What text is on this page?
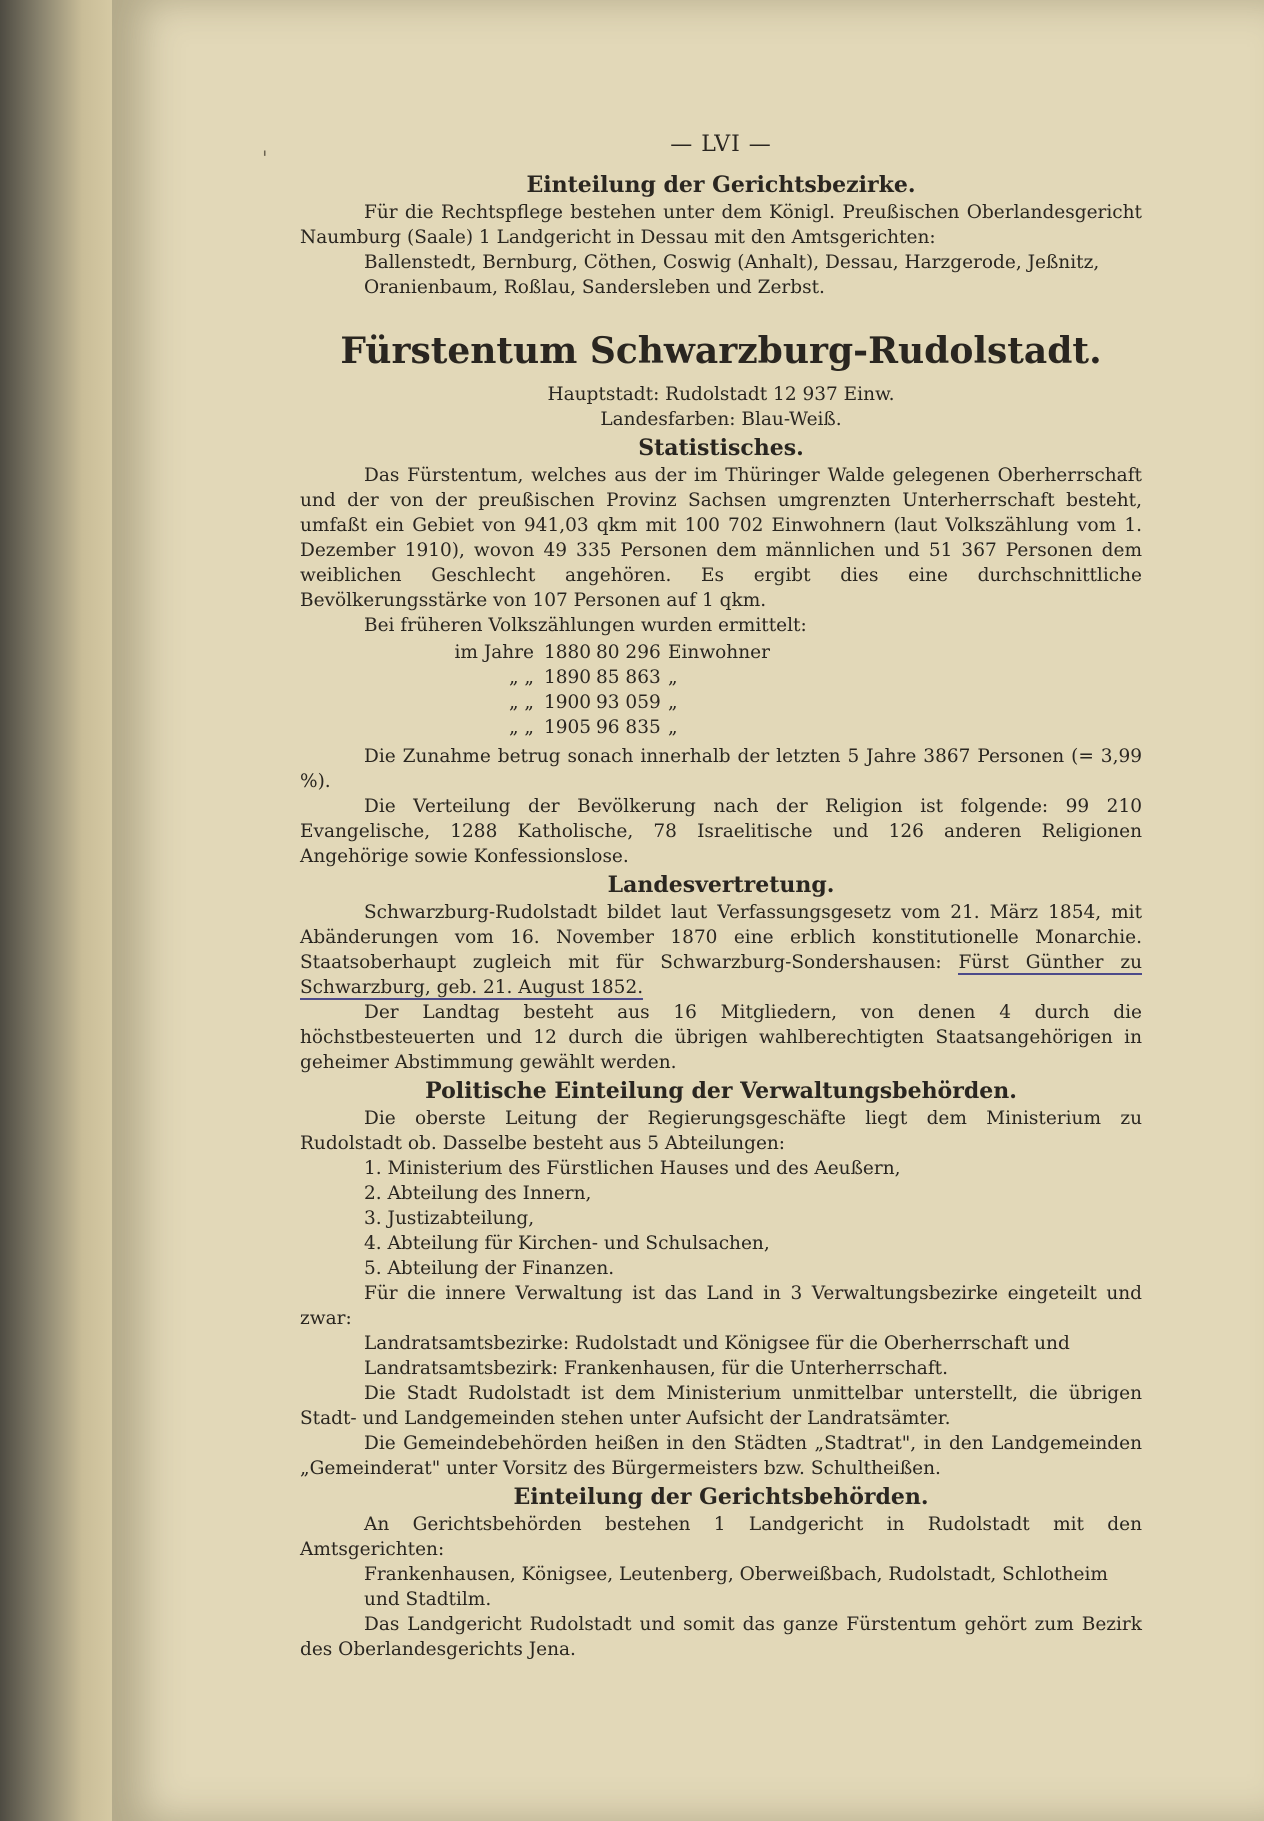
'
— LVI —
Einteilung der Gerichtsbezirke.

Für die Rechtspflege bestehen unter dem Königl. Preußischen Oberlandesgericht Naumburg (Saale) 1 Landgericht in Dessau mit den Amtsgerichten:

Ballenstedt, Bernburg, Cöthen, Coswig (Anhalt), Dessau, Harzgerode, Jeßnitz, Oranienbaum, Roßlau, Sandersleben und Zerbst.
Fürstentum Schwarzburg-Rudolstadt.
Hauptstadt: Rudolstadt 12 937 Einw.
Landesfarben: Blau-Weiß.
Statistisches.

Das Fürstentum, welches aus der im Thüringer Walde gelegenen Oberherrschaft und der von der preußischen Provinz Sachsen umgrenzten Unterherrschaft besteht, umfaßt ein Gebiet von 941,03 qkm mit 100 702 Einwohnern (laut Volkszählung vom 1. Dezember 1910), wovon 49 335 Personen dem männlichen und 51 367 Personen dem weiblichen Geschlecht angehören. Es ergibt dies eine durchschnittliche Bevölkerungsstärke von 107 Personen auf 1 qkm.

Bei früheren Volkszählungen wurden ermittelt:

im Jahre 1880 80 296 Einwohner
„ „ 1890 85 863 „
„ „ 1900 93 059 „
„ „ 1905 96 835 „

Die Zunahme betrug sonach innerhalb der letzten 5 Jahre 3867 Personen (= 3,99 %).

Die Verteilung der Bevölkerung nach der Religion ist folgende: 99 210 Evangelische, 1288 Katholische, 78 Israelitische und 126 anderen Religionen Angehörige sowie Konfessionslose.

Landesvertretung.

Schwarzburg-Rudolstadt bildet laut Verfassungsgesetz vom 21. März 1854, mit Abänderungen vom 16. November 1870 eine erblich konstitutionelle Monarchie. Staatsoberhaupt zugleich mit für Schwarzburg-Sondershausen: Fürst Günther zu Schwarzburg, geb. 21. August 1852.

Der Landtag besteht aus 16 Mitgliedern, von denen 4 durch die höchstbesteuerten und 12 durch die übrigen wahlberechtigten Staatsangehörigen in geheimer Abstimmung gewählt werden.

Politische Einteilung der Verwaltungsbehörden.

Die oberste Leitung der Regierungsgeschäfte liegt dem Ministerium zu Rudolstadt ob. Dasselbe besteht aus 5 Abteilungen:

1. Ministerium des Fürstlichen Hauses und des Aeußern,
2. Abteilung des Innern,
3. Justizabteilung,
4. Abteilung für Kirchen- und Schulsachen,
5. Abteilung der Finanzen.

Für die innere Verwaltung ist das Land in 3 Verwaltungsbezirke eingeteilt und zwar:

Landratsamtsbezirke: Rudolstadt und Königsee für die Oberherrschaft und
Landratsamtsbezirk: Frankenhausen, für die Unterherrschaft.

Die Stadt Rudolstadt ist dem Ministerium unmittelbar unterstellt, die übrigen Stadt- und Landgemeinden stehen unter Aufsicht der Landratsämter.

Die Gemeindebehörden heißen in den Städten „Stadtrat", in den Landgemeinden „Gemeinderat" unter Vorsitz des Bürgermeisters bzw. Schultheißen.

Einteilung der Gerichtsbehörden.

An Gerichtsbehörden bestehen 1 Landgericht in Rudolstadt mit den Amtsgerichten:

Frankenhausen, Königsee, Leutenberg, Oberweißbach, Rudolstadt, Schlotheim und Stadtilm.

Das Landgericht Rudolstadt und somit das ganze Fürstentum gehört zum Bezirk des Oberlandesgerichts Jena.
